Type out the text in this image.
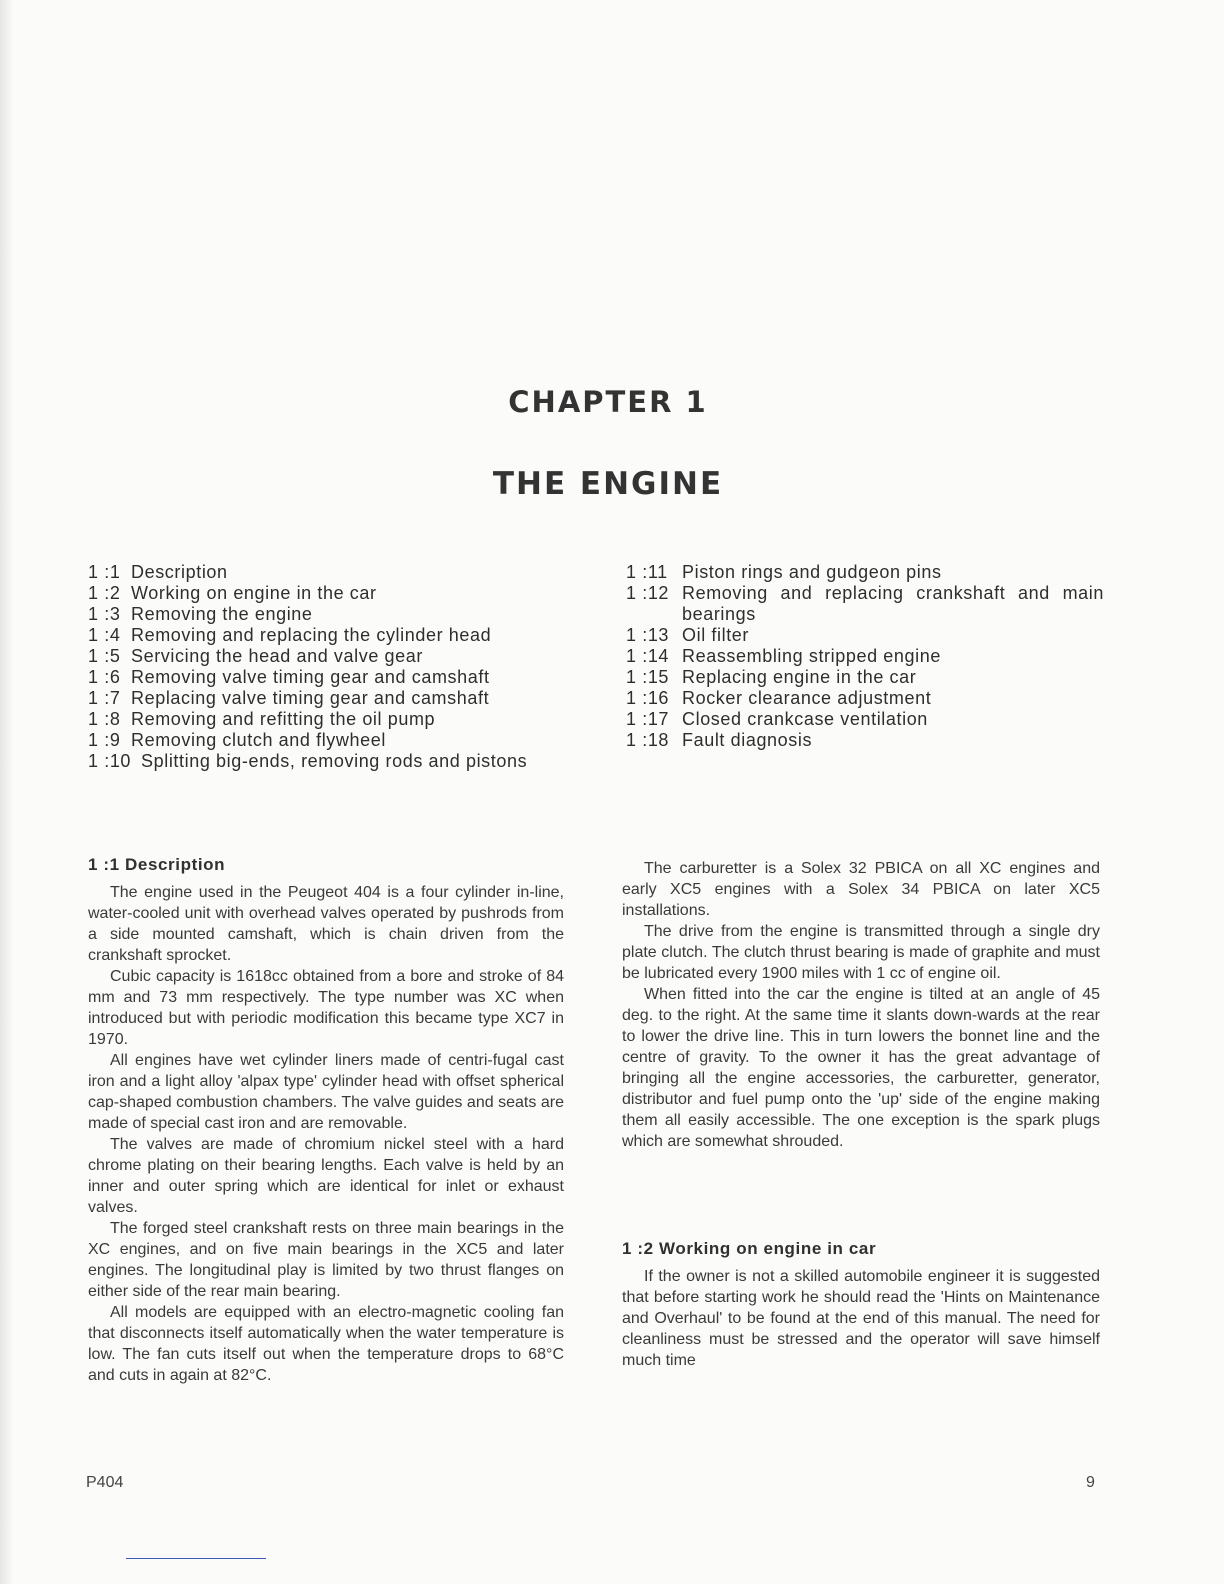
CHAPTER 1
THE ENGINE
1 :1 Description
1 :2 Working on engine in the car
1 :3 Removing the engine
1 :4 Removing and replacing the cylinder head
1 :5 Servicing the head and valve gear
1 :6 Removing valve timing gear and camshaft
1 :7 Replacing valve timing gear and camshaft
1 :8 Removing and refitting the oil pump
1 :9 Removing clutch and flywheel
1 :10 Splitting big-ends, removing rods and pistons
1 :11 Piston rings and gudgeon pins
1 :12 Removing and replacing crankshaft and main bearings
1 :13 Oil filter
1 :14 Reassembling stripped engine
1 :15 Replacing engine in the car
1 :16 Rocker clearance adjustment
1 :17 Closed crankcase ventilation
1 :18 Fault diagnosis
1 :1 Description

The engine used in the Peugeot 404 is a four cylinder in-line, water-cooled unit with overhead valves operated by pushrods from a side mounted camshaft, which is chain driven from the crankshaft sprocket.

Cubic capacity is 1618cc obtained from a bore and stroke of 84 mm and 73 mm respectively. The type number was XC when introduced but with periodic modification this became type XC7 in 1970.

All engines have wet cylinder liners made of centri-fugal cast iron and a light alloy 'alpax type' cylinder head with offset spherical cap-shaped combustion chambers. The valve guides and seats are made of special cast iron and are removable.

The valves are made of chromium nickel steel with a hard chrome plating on their bearing lengths. Each valve is held by an inner and outer spring which are identical for inlet or exhaust valves.

The forged steel crankshaft rests on three main bearings in the XC engines, and on five main bearings in the XC5 and later engines. The longitudinal play is limited by two thrust flanges on either side of the rear main bearing.

All models are equipped with an electro-magnetic cooling fan that disconnects itself automatically when the water temperature is low. The fan cuts itself out when the temperature drops to 68°C and cuts in again at 82°C.

The carburetter is a Solex 32 PBICA on all XC engines and early XC5 engines with a Solex 34 PBICA on later XC5 installations.

The drive from the engine is transmitted through a single dry plate clutch. The clutch thrust bearing is made of graphite and must be lubricated every 1900 miles with 1 cc of engine oil.

When fitted into the car the engine is tilted at an angle of 45 deg. to the right. At the same time it slants down-wards at the rear to lower the drive line. This in turn lowers the bonnet line and the centre of gravity. To the owner it has the great advantage of bringing all the engine accessories, the carburetter, generator, distributor and fuel pump onto the 'up' side of the engine making them all easily accessible. The one exception is the spark plugs which are somewhat shrouded.

1 :2 Working on engine in car

If the owner is not a skilled automobile engineer it is suggested that before starting work he should read the 'Hints on Maintenance and Overhaul' to be found at the end of this manual. The need for cleanliness must be stressed and the operator will save himself much time

P404	9
